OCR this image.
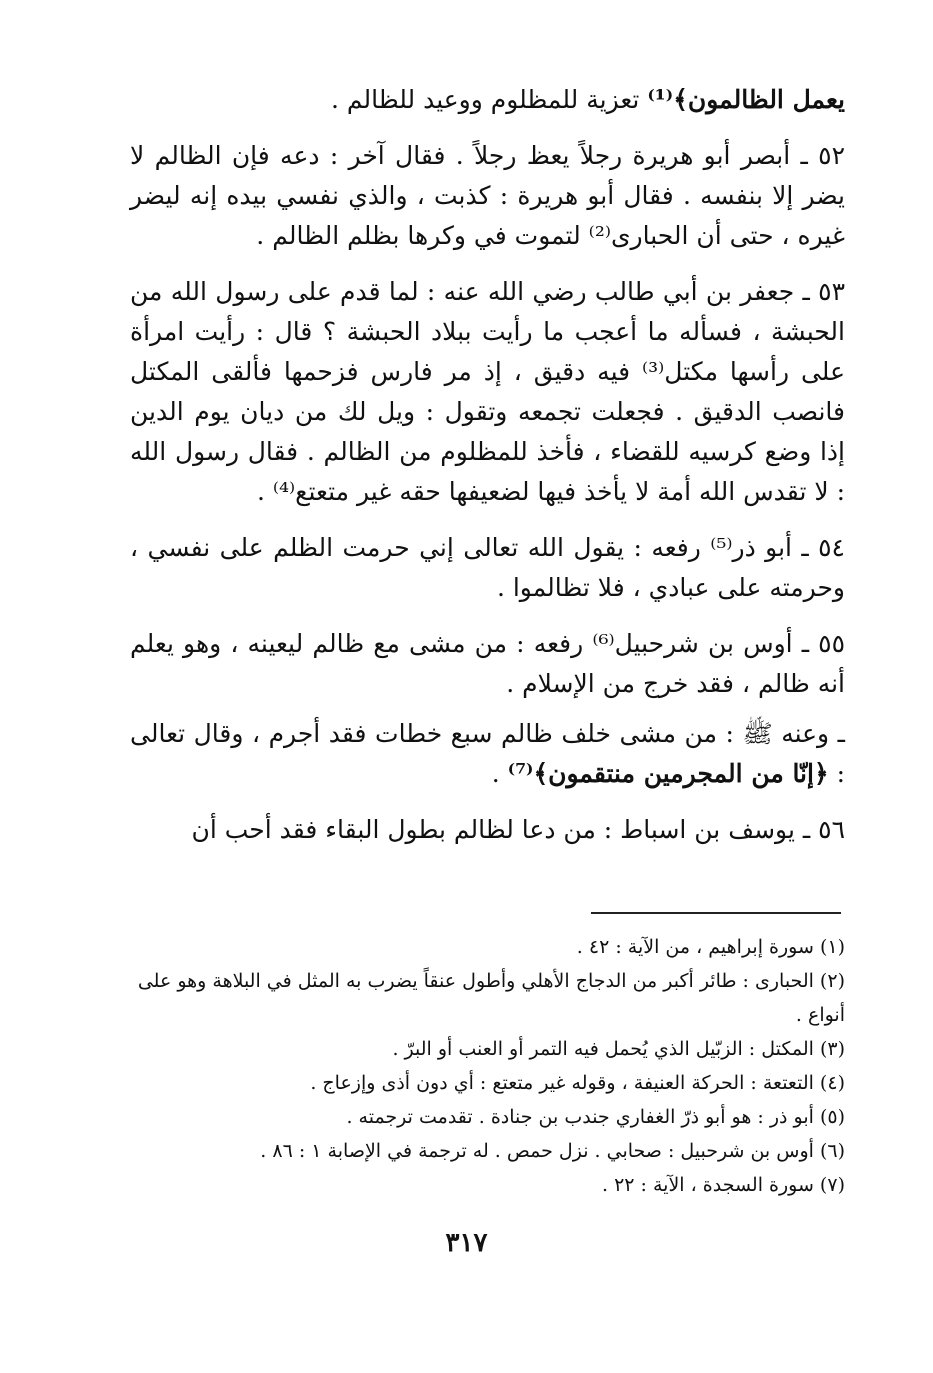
يعمل الظالمون﴾⁽¹⁾ تعزية للمظلوم ووعيد للظالم .

٥٢ ـ أبصر أبو هريرة رجلاً يعظ رجلاً . فقال آخر : دعه فإن الظالم لا يضر إلا بنفسه . فقال أبو هريرة : كذبت ، والذي نفسي بيده إنه ليضر غيره ، حتى أن الحبارى⁽²⁾ لتموت في وكرها بظلم الظالم .

٥٣ ـ جعفر بن أبي طالب رضي الله عنه : لما قدم على رسول الله من الحبشة ، فسأله ما أعجب ما رأيت ببلاد الحبشة ؟ قال : رأيت امرأة على رأسها مكتل⁽³⁾ فيه دقيق ، إذ مر فارس فزحمها فألقى المكتل فانصب الدقيق . فجعلت تجمعه وتقول : ويل لك من ديان يوم الدين إذا وضع كرسيه للقضاء ، فأخذ للمظلوم من الظالم . فقال رسول الله : لا تقدس الله أمة لا يأخذ فيها لضعيفها حقه غير متعتع⁽⁴⁾ .

٥٤ ـ أبو ذر⁽⁵⁾ رفعه : يقول الله تعالى إني حرمت الظلم على نفسي ، وحرمته على عبادي ، فلا تظالموا .

٥٥ ـ أوس بن شرحبيل⁽⁶⁾ رفعه : من مشى مع ظالم ليعينه ، وهو يعلم أنه ظالم ، فقد خرج من الإسلام .

ـ وعنه ﷺ : من مشى خلف ظالم سبع خطات فقد أجرم ، وقال تعالى : ﴿إنّا من المجرمين منتقمون﴾⁽⁷⁾ .

٥٦ ـ يوسف بن اسباط : من دعا لظالم بطول البقاء فقد أحب أن

(١) سورة إبراهيم ، من الآية : ٤٢ .

(٢) الحبارى : طائر أكبر من الدجاج الأهلي وأطول عنقاً يضرب به المثل في البلاهة وهو على أنواع .

(٣) المكتل : الزبّيل الذي يُحمل فيه التمر أو العنب أو البرّ .

(٤) التعتعة : الحركة العنيفة ، وقوله غير متعتع : أي دون أذى وإزعاج .

(٥) أبو ذر : هو أبو ذرّ الغفاري جندب بن جنادة . تقدمت ترجمته .

(٦) أوس بن شرحبيل : صحابي . نزل حمص . له ترجمة في الإصابة ١ : ٨٦ .

(٧) سورة السجدة ، الآية : ٢٢ .

٣١٧
